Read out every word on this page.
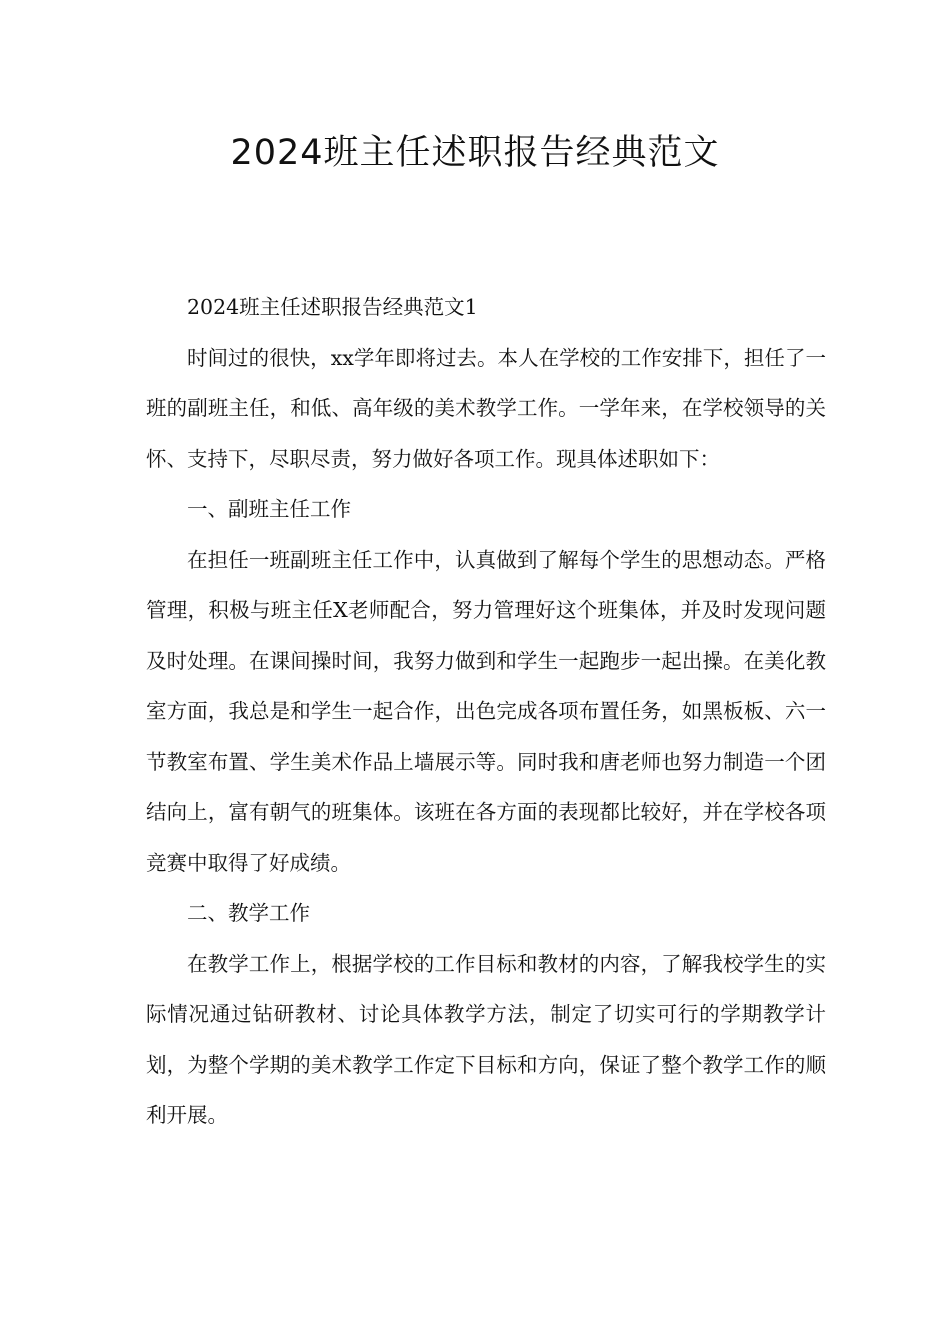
2024班主任述职报告经典范文

2024班主任述职报告经典范文1

时间过的很快，xx学年即将过去。本人在学校的工作安排下，担任了一班的副班主任，和低、高年级的美术教学工作。一学年来，在学校领导的关怀、支持下，尽职尽责，努力做好各项工作。现具体述职如下：

一、副班主任工作

在担任一班副班主任工作中，认真做到了解每个学生的思想动态。严格管理，积极与班主任X老师配合，努力管理好这个班集体，并及时发现问题及时处理。在课间操时间，我努力做到和学生一起跑步一起出操。在美化教室方面，我总是和学生一起合作，出色完成各项布置任务，如黑板板、六一节教室布置、学生美术作品上墙展示等。同时我和唐老师也努力制造一个团结向上，富有朝气的班集体。该班在各方面的表现都比较好，并在学校各项竞赛中取得了好成绩。

二、教学工作

在教学工作上，根据学校的工作目标和教材的内容，了解我校学生的实际情况通过钻研教材、讨论具体教学方法，制定了切实可行的学期教学计划，为整个学期的美术教学工作定下目标和方向，保证了整个教学工作的顺利开展。
